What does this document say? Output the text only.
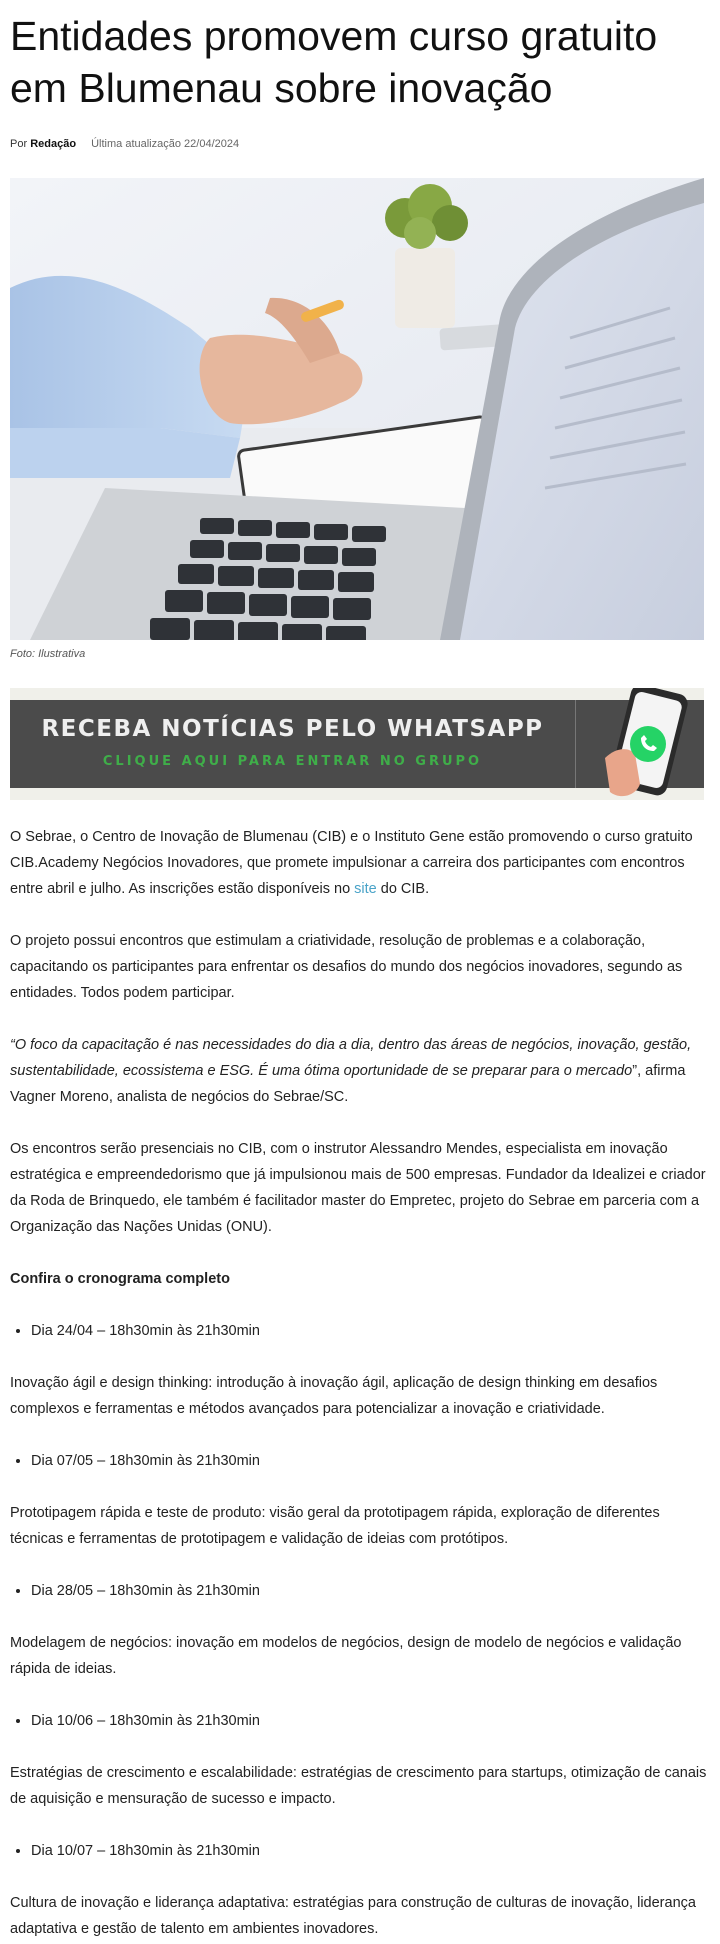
Entidades promovem curso gratuito em Blumenau sobre inovação
Por Redação Última atualização 22/04/2024
Foto: Ilustrativa
RECEBA NOTÍCIAS PELO WHATSAPP
CLIQUE AQUI PARA ENTRAR NO GRUPO

O Sebrae, o Centro de Inovação de Blumenau (CIB) e o Instituto Gene estão promovendo o curso gratuito CIB.Academy Negócios Inovadores, que promete impulsionar a carreira dos participantes com encontros entre abril e julho. As inscrições estão disponíveis no site do CIB.

O projeto possui encontros que estimulam a criatividade, resolução de problemas e a colaboração, capacitando os participantes para enfrentar os desafios do mundo dos negócios inovadores, segundo as entidades. Todos podem participar.

“O foco da capacitação é nas necessidades do dia a dia, dentro das áreas de negócios, inovação, gestão, sustentabilidade, ecossistema e ESG. É uma ótima oportunidade de se preparar para o mercado”, afirma Vagner Moreno, analista de negócios do Sebrae/SC.

Os encontros serão presenciais no CIB, com o instrutor Alessandro Mendes, especialista em inovação estratégica e empreendedorismo que já impulsionou mais de 500 empresas. Fundador da Idealizei e criador da Roda de Brinquedo, ele também é facilitador master do Empretec, projeto do Sebrae em parceria com a Organização das Nações Unidas (ONU).

Confira o cronograma completo

• Dia 24/04 – 18h30min às 21h30min

Inovação ágil e design thinking: introdução à inovação ágil, aplicação de design thinking em desafios complexos e ferramentas e métodos avançados para potencializar a inovação e criatividade.

• Dia 07/05 – 18h30min às 21h30min

Prototipagem rápida e teste de produto: visão geral da prototipagem rápida, exploração de diferentes técnicas e ferramentas de prototipagem e validação de ideias com protótipos.

• Dia 28/05 – 18h30min às 21h30min

Modelagem de negócios: inovação em modelos de negócios, design de modelo de negócios e validação rápida de ideias.

• Dia 10/06 – 18h30min às 21h30min

Estratégias de crescimento e escalabilidade: estratégias de crescimento para startups, otimização de canais de aquisição e mensuração de sucesso e impacto.

• Dia 10/07 – 18h30min às 21h30min

Cultura de inovação e liderança adaptativa: estratégias para construção de culturas de inovação, liderança adaptativa e gestão de talento em ambientes inovadores.
